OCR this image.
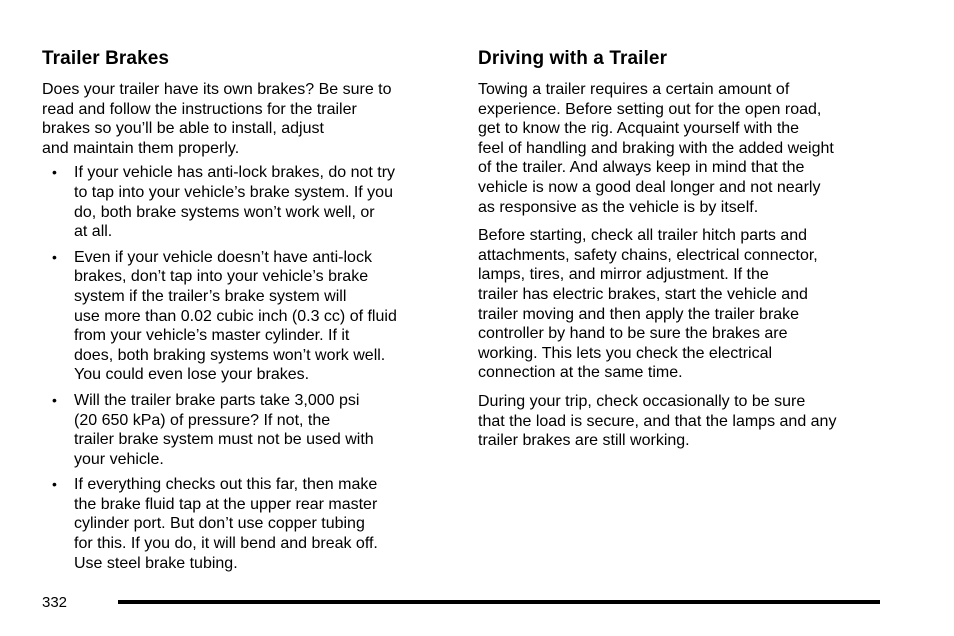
Trailer Brakes

Does your trailer have its own brakes? Be sure to
read and follow the instructions for the trailer
brakes so you’ll be able to install, adjust
and maintain them properly.

• If your vehicle has anti-lock brakes, do not try
to tap into your vehicle’s brake system. If you
do, both brake systems won’t work well, or
at all.
• Even if your vehicle doesn’t have anti-lock
brakes, don’t tap into your vehicle’s brake
system if the trailer’s brake system will
use more than 0.02 cubic inch (0.3 cc) of fluid
from your vehicle’s master cylinder. If it
does, both braking systems won’t work well.
You could even lose your brakes.
• Will the trailer brake parts take 3,000 psi
(20 650 kPa) of pressure? If not, the
trailer brake system must not be used with
your vehicle.
• If everything checks out this far, then make
the brake fluid tap at the upper rear master
cylinder port. But don’t use copper tubing
for this. If you do, it will bend and break off.
Use steel brake tubing.
Driving with a Trailer

Towing a trailer requires a certain amount of
experience. Before setting out for the open road,
get to know the rig. Acquaint yourself with the
feel of handling and braking with the added weight
of the trailer. And always keep in mind that the
vehicle is now a good deal longer and not nearly
as responsive as the vehicle is by itself.

Before starting, check all trailer hitch parts and
attachments, safety chains, electrical connector,
lamps, tires, and mirror adjustment. If the
trailer has electric brakes, start the vehicle and
trailer moving and then apply the trailer brake
controller by hand to be sure the brakes are
working. This lets you check the electrical
connection at the same time.

During your trip, check occasionally to be sure
that the load is secure, and that the lamps and any
trailer brakes are still working.

332
